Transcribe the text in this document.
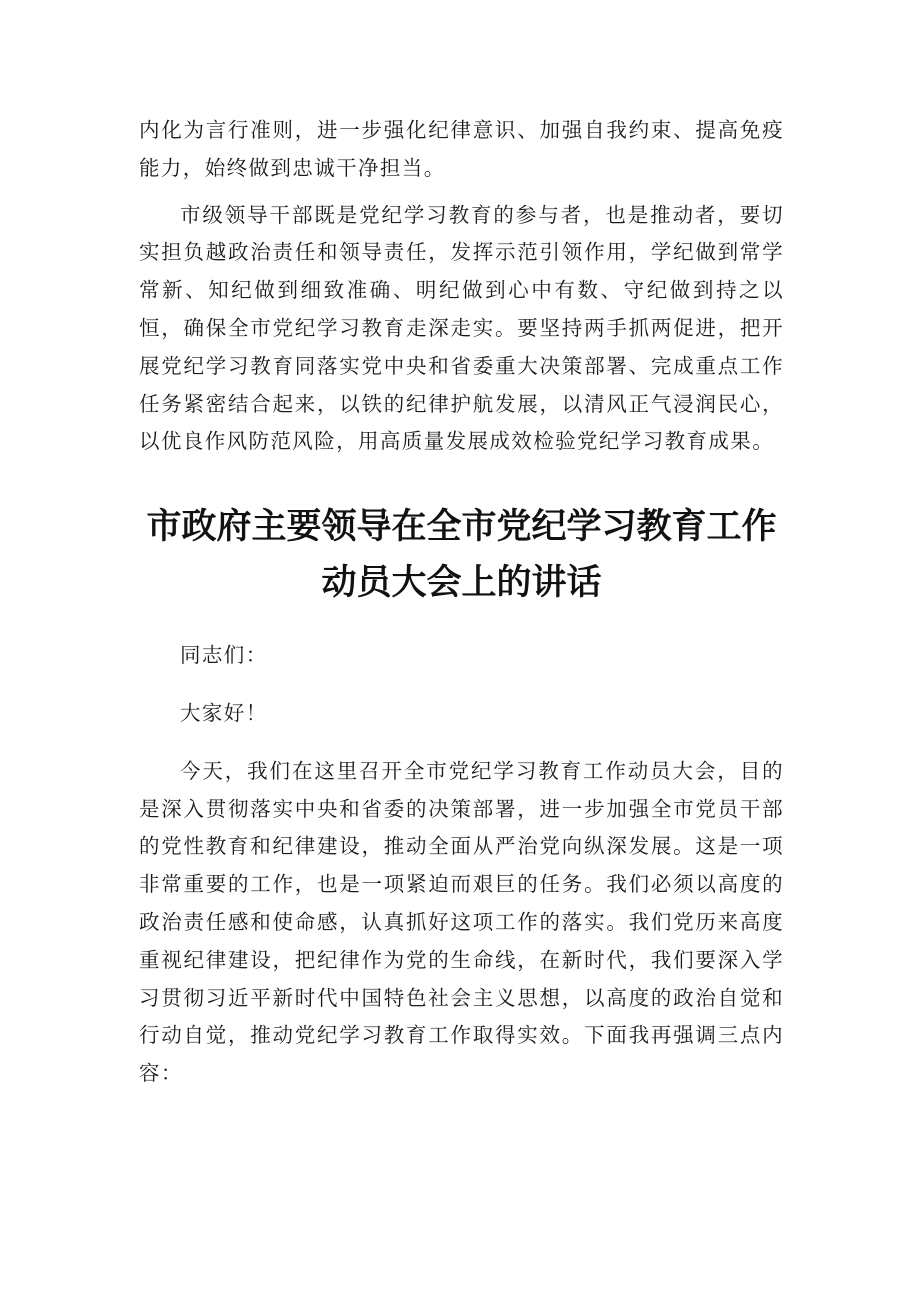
内化为言行准则，进一步强化纪律意识、加强自我约束、提高免疫能力，始终做到忠诚干净担当。

市级领导干部既是党纪学习教育的参与者，也是推动者，要切实担负越政治责任和领导责任，发挥示范引领作用，学纪做到常学常新、知纪做到细致准确、明纪做到心中有数、守纪做到持之以恒，确保全市党纪学习教育走深走实。要坚持两手抓两促进，把开展党纪学习教育同落实党中央和省委重大决策部署、完成重点工作任务紧密结合起来，以铁的纪律护航发展，以清风正气浸润民心，以优良作风防范风险，用高质量发展成效检验党纪学习教育成果。

市政府主要领导在全市党纪学习教育工作
动员大会上的讲话

同志们：

大家好！

今天，我们在这里召开全市党纪学习教育工作动员大会，目的是深入贯彻落实中央和省委的决策部署，进一步加强全市党员干部的党性教育和纪律建设，推动全面从严治党向纵深发展。这是一项非常重要的工作，也是一项紧迫而艰巨的任务。我们必须以高度的政治责任感和使命感，认真抓好这项工作的落实。我们党历来高度重视纪律建设，把纪律作为党的生命线，在新时代，我们要深入学习贯彻习近平新时代中国特色社会主义思想，以高度的政治自觉和行动自觉，推动党纪学习教育工作取得实效。下面我再强调三点内容：
